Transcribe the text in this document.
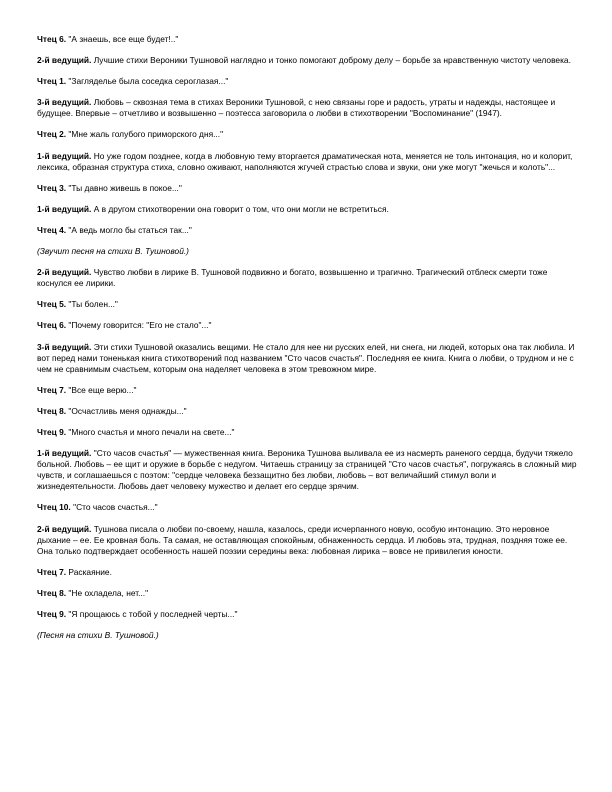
Чтец 6. "А знаешь, все еще будет!.."

2-й ведущий. Лучшие стихи Вероники Тушновой наглядно и тонко помогают доброму делу – борьбе за нравственную чистоту человека.

Чтец 1. "Загляделье была соседка сероглазая..."

3-й ведущий. Любовь – сквозная тема в стихах Вероники Тушновой, с нею связаны горе и радость, утраты и надежды, настоящее и будущее. Впервые – отчетливо и возвышенно – поэтесса заговорила о любви в стихотворении "Воспоминание" (1947).

Чтец 2. "Мне жаль голубого приморского дня..."

1-й ведущий. Но уже годом позднее, когда в любовную тему вторгается драматическая нота, меняется не толь интонация, но и колорит, лексика, образная структура стиха, словно оживают, наполняются жгучей страстью слова и звуки, они уже могут "жечься и колоть"...

Чтец 3. "Ты давно живешь в покое..."

1-й ведущий. А в другом стихотворении она говорит о том, что они могли не встретиться.

Чтец 4. "А ведь могло бы статься так..."

(Звучит песня на стихи В. Тушновой.)

2-й ведущий. Чувство любви в лирике В. Тушновой подвижно и богато, возвышенно и трагично. Трагический отблеск смерти тоже коснулся ее лирики.

Чтец 5. "Ты болен..."

Чтец 6. "Почему говорится: "Его не стало"..."

3-й ведущий. Эти стихи Тушновой оказались вещими. Не стало для нее ни русских елей, ни снега, ни людей, которых она так любила. И вот перед нами тоненькая книга стихотворений под названием "Сто часов счастья". Последняя ее книга. Книга о любви, о трудном и не с чем не сравнимым счастьем, которым она наделяет человека в этом тревожном мире.

Чтец 7. "Все еще верю..."

Чтец 8. "Осчастливь меня однажды..."

Чтец 9. "Много счастья и много печали на свете..."

1-й ведущий. "Сто часов счастья" — мужественная книга. Вероника Тушнова выливала ее из насмерть раненого сердца, будучи тяжело больной. Любовь – ее щит и оружие в борьбе с недугом. Читаешь страницу за страницей "Сто часов счастья", погружаясь в сложный мир чувств, и соглашаешься с поэтом: "сердце человека беззащитно без любви, любовь – вот величайший стимул воли и жизнедеятельности. Любовь дает человеку мужество и делает его сердце зрячим.

Чтец 10. "Сто часов счастья..."

2-й ведущий. Тушнова писала о любви по-своему, нашла, казалось, среди исчерпанного новую, особую интонацию. Это неровное дыхание – ее. Ее кровная боль. Та самая, не оставляющая спокойным, обнаженность сердца. И любовь эта, трудная, поздняя тоже ее. Она только подтверждает особенность нашей поэзии середины века: любовная лирика – вовсе не привилегия юности.

Чтец 7. Раскаяние.

Чтец 8. "Не охладела, нет..."

Чтец 9. "Я прощаюсь с тобой у последней черты..."

(Песня на стихи В. Тушновой.)
